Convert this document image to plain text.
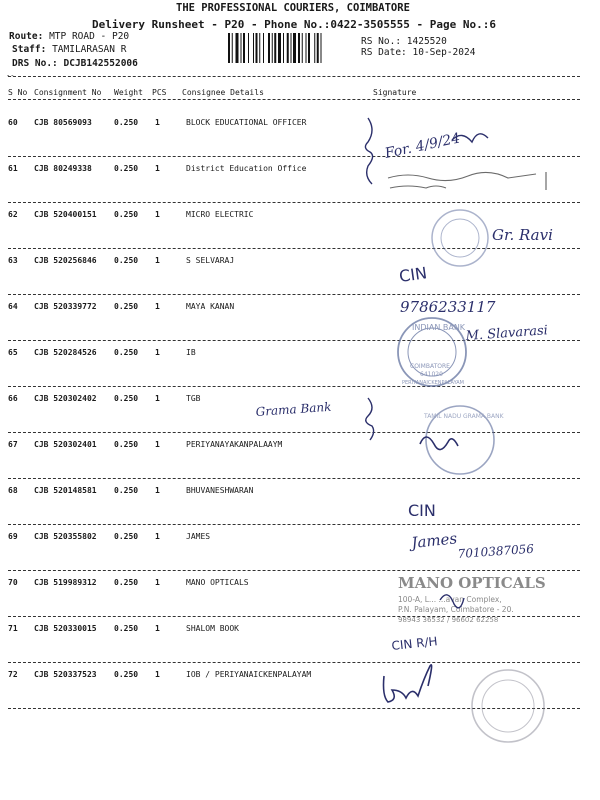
THE PROFESSIONAL COURIERS, COIMBATORE
Delivery Runsheet - P20 - Phone No.:0422-3505555 - Page No.:6
Route: MTP ROAD - P20
Staff: TAMILARASAN R
DRS No.: DCJB142552006
RS No.: 1425520
RS Date: 10-Sep-2024
--
S No Consignment No Weight PCS Consignee Details	Signature
60 CJB 80569093	0.250 1	BLOCK EDUCATIONAL OFFICER
61 CJB 80249338	0.250 1	District Education Office
62 CJB 520400151 0.250 1	MICRO ELECTRIC
63 CJB 520256846 0.250 1	S SELVARAJ
64 CJB 520339772 0.250 1	MAYA KANAN
65 CJB 520284526 0.250 1	IB
66 CJB 520302402 0.250 1	TGB
67 CJB 520302401 0.250 1	PERIYANAYAKANPALAAYM
68 CJB 520148581 0.250 1	BHUVANESHWARAN
69 CJB 520355802 0.250 1	JAMES
70 CJB 519989312 0.250 1	MANO OPTICALS
71 CJB 520330015 0.250 1	SHALOM BOOK
72 CJB 520337523 0.250 1	IOB / PERIYANAICKENPALAYAM
For. 4/9/24
Gr. Ravi
CIN
9786233117
INDIAN BANK
COIMBATORE
641020
PERIYANAICKENPALAYAM
M. Slavarasi
Grama Bank	TAMIL NADU GRAMA BANK
CIN
James 7010387056
MANO OPTICALS
100-A, L... ...avan Complex,
P.N. Palayam, Coimbatore - 20.
98943 36532 / 96602 62258
CIN R/H
